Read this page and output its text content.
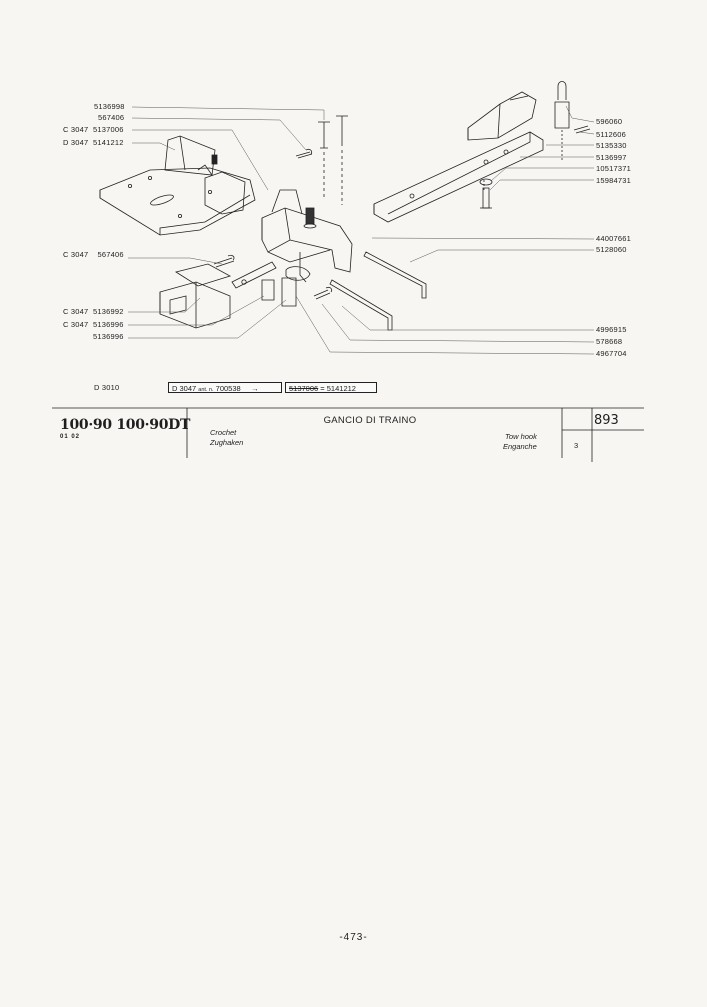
5136998
567406
C 3047 5137006
D 3047 5141212
C 3047 567406
C 3047 5136992
C 3047 5136996
5136996
596060
5112606
5135330
5136997
10517371
15984731
44007661
5128060
4996915
578668
4967704
D 3010	D 3047 ant. n. 700538 →	5137006 = 5141212
100·90 100·90DT
01 02
GANCIO DI TRAINO
Crochet
Zughaken
Tow hook
Enganche
893
3
-473-
